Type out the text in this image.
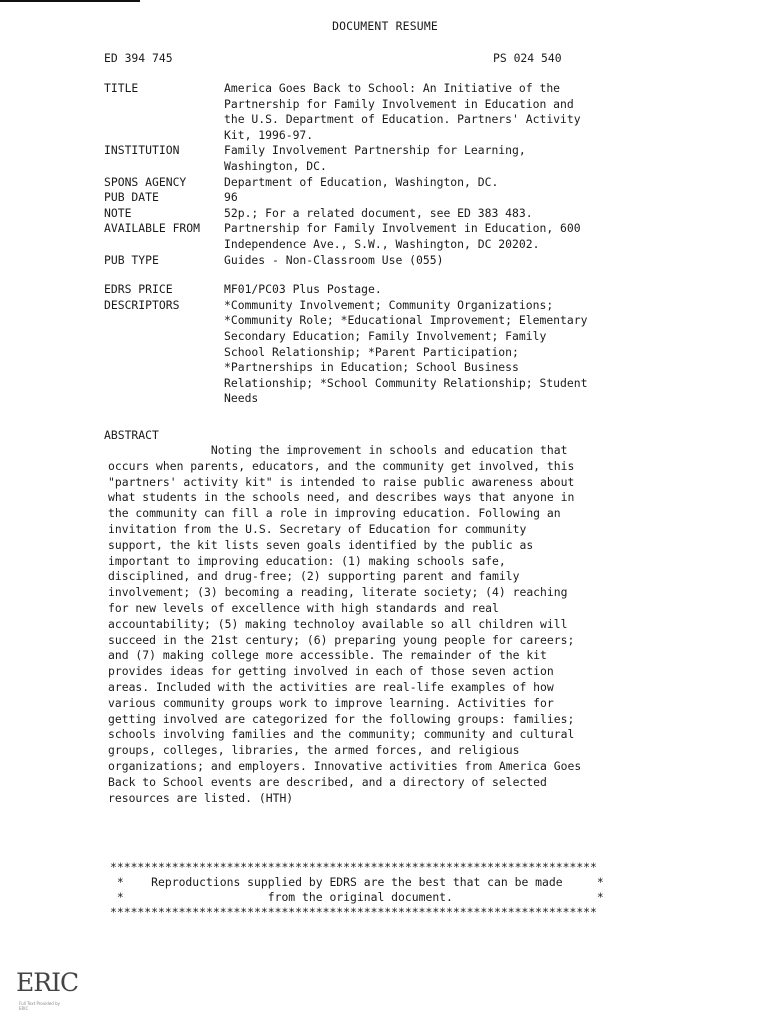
DOCUMENT RESUME
ED 394 745	PS 024 540
TITLE	America Goes Back to School: An Initiative of the
Partnership for Family Involvement in Education and
the U.S. Department of Education. Partners' Activity
Kit, 1996-97.
INSTITUTION	Family Involvement Partnership for Learning,
Washington, DC.
SPONS AGENCY	Department of Education, Washington, DC.
PUB DATE	96
NOTE	52p.; For a related document, see ED 383 483.
AVAILABLE FROM	Partnership for Family Involvement in Education, 600
Independence Ave., S.W., Washington, DC 20202.
PUB TYPE	Guides - Non-Classroom Use (055)
EDRS PRICE	MF01/PC03 Plus Postage.
DESCRIPTORS	*Community Involvement; Community Organizations;
*Community Role; *Educational Improvement; Elementary
Secondary Education; Family Involvement; Family
School Relationship; *Parent Participation;
*Partnerships in Education; School Business
Relationship; *School Community Relationship; Student
Needs
ABSTRACT
Noting the improvement in schools and education that
occurs when parents, educators, and the community get involved, this
"partners' activity kit" is intended to raise public awareness about
what students in the schools need, and describes ways that anyone in
the community can fill a role in improving education. Following an
invitation from the U.S. Secretary of Education for community
support, the kit lists seven goals identified by the public as
important to improving education: (1) making schools safe,
disciplined, and drug-free; (2) supporting parent and family
involvement; (3) becoming a reading, literate society; (4) reaching
for new levels of excellence with high standards and real
accountability; (5) making technoloy available so all children will
succeed in the 21st century; (6) preparing young people for careers;
and (7) making college more accessible. The remainder of the kit
provides ideas for getting involved in each of those seven action
areas. Included with the activities are real-life examples of how
various community groups work to improve learning. Activities for
getting involved are categorized for the following groups: families;
schools involving families and the community; community and cultural
groups, colleges, libraries, the armed forces, and religious
organizations; and employers. Innovative activities from America Goes
Back to School events are described, and a directory of selected
resources are listed. (HTH)
***********************************************************************
*    Reproductions supplied by EDRS are the best that can be made     *
*                     from the original document.                     *
***********************************************************************
ERIC
Full Text Provided by ERIC
